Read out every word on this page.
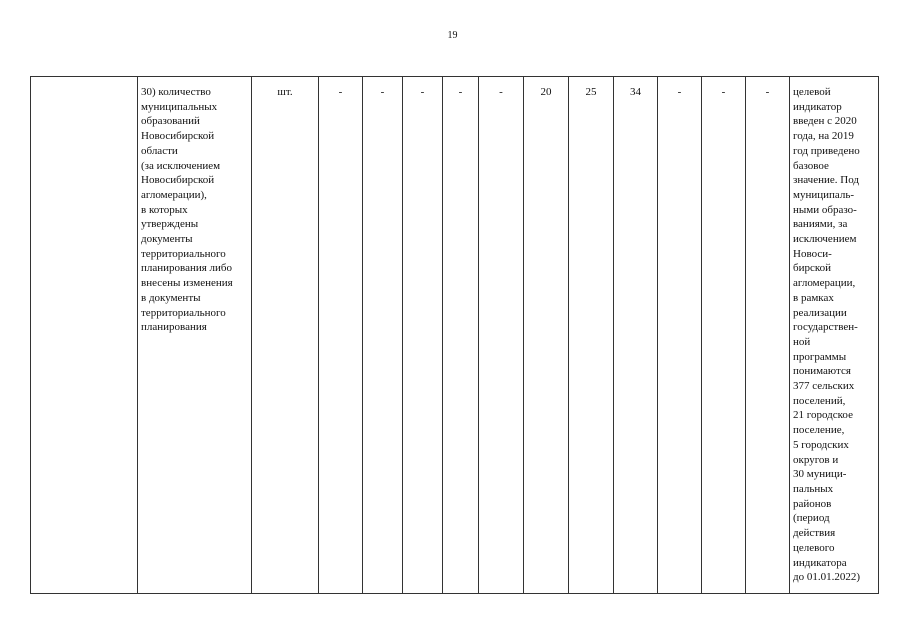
19
	30) количество
муниципальных
образований
Новосибирской
области
(за исключением
Новосибирской
агломерации),
в которых
утверждены
документы
территориального
планирования либо
внесены изменения
в документы
территориального
планирования	шт.	-	-	-	-	-	20	25	34	-	-	-	целевой
индикатор
введен с 2020
года, на 2019
год приведено
базовое
значение. Под
муниципаль-
ными образо-
ваниями, за
исключением
Новоси-
бирской
агломерации,
в рамках
реализации
государствен-
ной
программы
понимаются
377 сельских
поселений,
21 городское
поселение,
5 городских
округов и
30 муници-
пальных
районов
(период
действия
целевого
индикатора
до 01.01.2022)
